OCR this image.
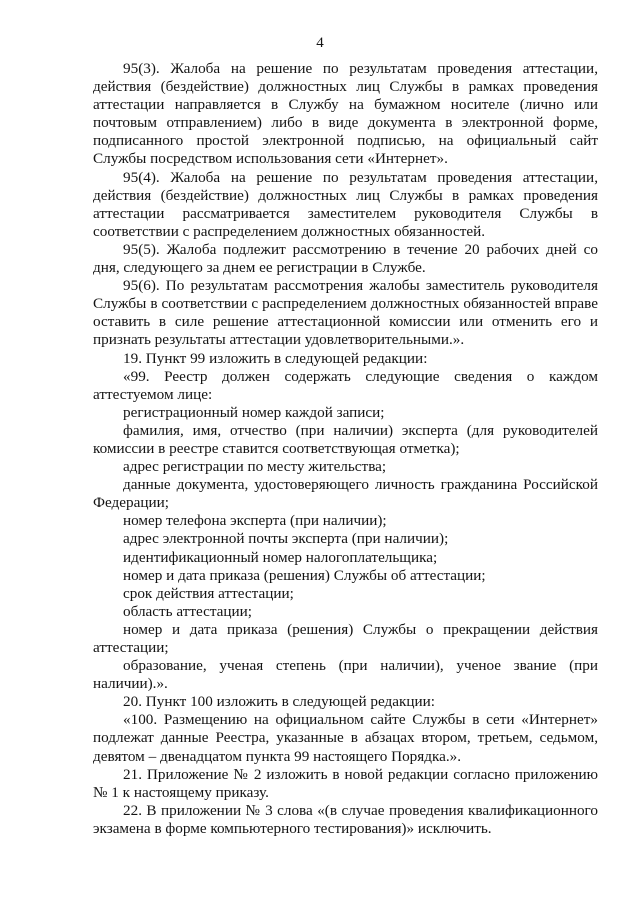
4

95(3). Жалоба на решение по результатам проведения аттестации, действия (бездействие) должностных лиц Службы в рамках проведения аттестации направляется в Службу на бумажном носителе (лично или почтовым отправлением) либо в виде документа в электронной форме, подписанного простой электронной подписью, на официальный сайт Службы посредством использования сети «Интернет».

95(4). Жалоба на решение по результатам проведения аттестации, действия (бездействие) должностных лиц Службы в рамках проведения аттестации рассматривается заместителем руководителя Службы в соответствии с распределением должностных обязанностей.

95(5). Жалоба подлежит рассмотрению в течение 20 рабочих дней со дня, следующего за днем ее регистрации в Службе.

95(6). По результатам рассмотрения жалобы заместитель руководителя Службы в соответствии с распределением должностных обязанностей вправе оставить в силе решение аттестационной комиссии или отменить его и признать результаты аттестации удовлетворительными.».

19. Пункт 99 изложить в следующей редакции:

«99. Реестр должен содержать следующие сведения о каждом аттестуемом лице:

регистрационный номер каждой записи;

фамилия, имя, отчество (при наличии) эксперта (для руководителей комиссии в реестре ставится соответствующая отметка);

адрес регистрации по месту жительства;

данные документа, удостоверяющего личность гражданина Российской Федерации;

номер телефона эксперта (при наличии);

адрес электронной почты эксперта (при наличии);

идентификационный номер налогоплательщика;

номер и дата приказа (решения) Службы об аттестации;

срок действия аттестации;

область аттестации;

номер и дата приказа (решения) Службы о прекращении действия аттестации;

образование, ученая степень (при наличии), ученое звание (при наличии).».

20. Пункт 100 изложить в следующей редакции:

«100. Размещению на официальном сайте Службы в сети «Интернет» подлежат данные Реестра, указанные в абзацах втором, третьем, седьмом, девятом – двенадцатом пункта 99 настоящего Порядка.».

21. Приложение № 2 изложить в новой редакции согласно приложению № 1 к настоящему приказу.

22. В приложении № 3 слова «(в случае проведения квалификационного экзамена в форме компьютерного тестирования)» исключить.
